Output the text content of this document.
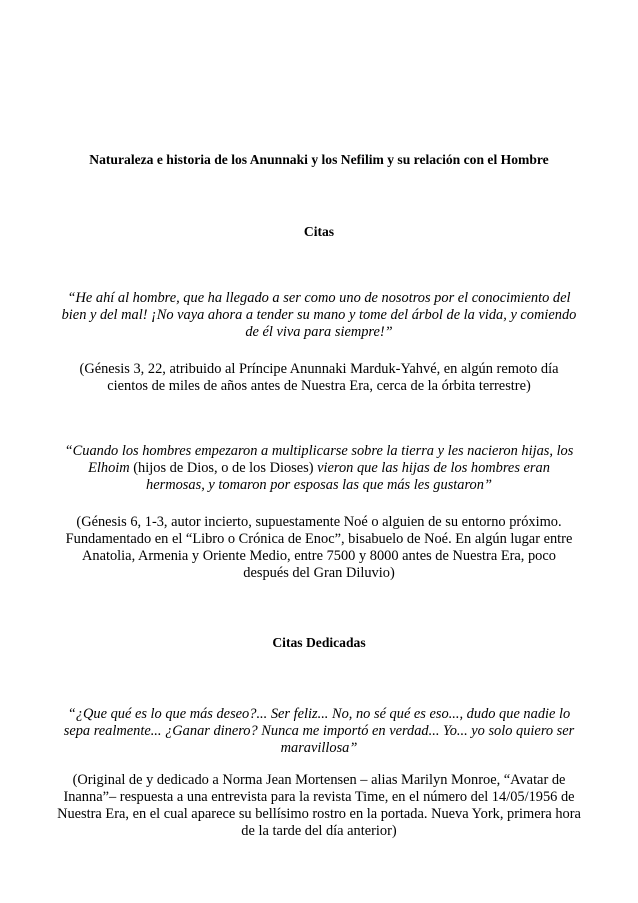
Naturaleza e historia de los Anunnaki y los Nefilim y su relación con el Hombre
Citas
“He ahí al hombre, que ha llegado a ser como uno de nosotros por el conocimiento del bien y del mal! ¡No vaya ahora a tender su mano y tome del árbol de la vida, y comiendo de él viva para siempre!”
(Génesis 3, 22, atribuido al Príncipe Anunnaki Marduk-Yahvé, en algún remoto día cientos de miles de años antes de Nuestra Era, cerca de la órbita terrestre)
“Cuando los hombres empezaron a multiplicarse sobre la tierra y les nacieron hijas, los Elhoim (hijos de Dios, o de los Dioses) vieron que las hijas de los hombres eran hermosas, y tomaron por esposas las que más les gustaron”
(Génesis 6, 1-3, autor incierto, supuestamente Noé o alguien de su entorno próximo. Fundamentado en el “Libro o Crónica de Enoc”, bisabuelo de Noé. En algún lugar entre Anatolia, Armenia y Oriente Medio, entre 7500 y 8000 antes de Nuestra Era, poco después del Gran Diluvio)
Citas Dedicadas
“¿Que qué es lo que más deseo?... Ser feliz... No, no sé qué es eso..., dudo que nadie lo sepa realmente... ¿Ganar dinero? Nunca me importó en verdad... Yo... yo solo quiero ser maravillosa”
(Original de y dedicado a Norma Jean Mortensen – alias Marilyn Monroe, “Avatar de Inanna”– respuesta a una entrevista para la revista Time, en el número del 14/05/1956 de Nuestra Era, en el cual aparece su bellísimo rostro en la portada. Nueva York, primera hora de la tarde del día anterior)
